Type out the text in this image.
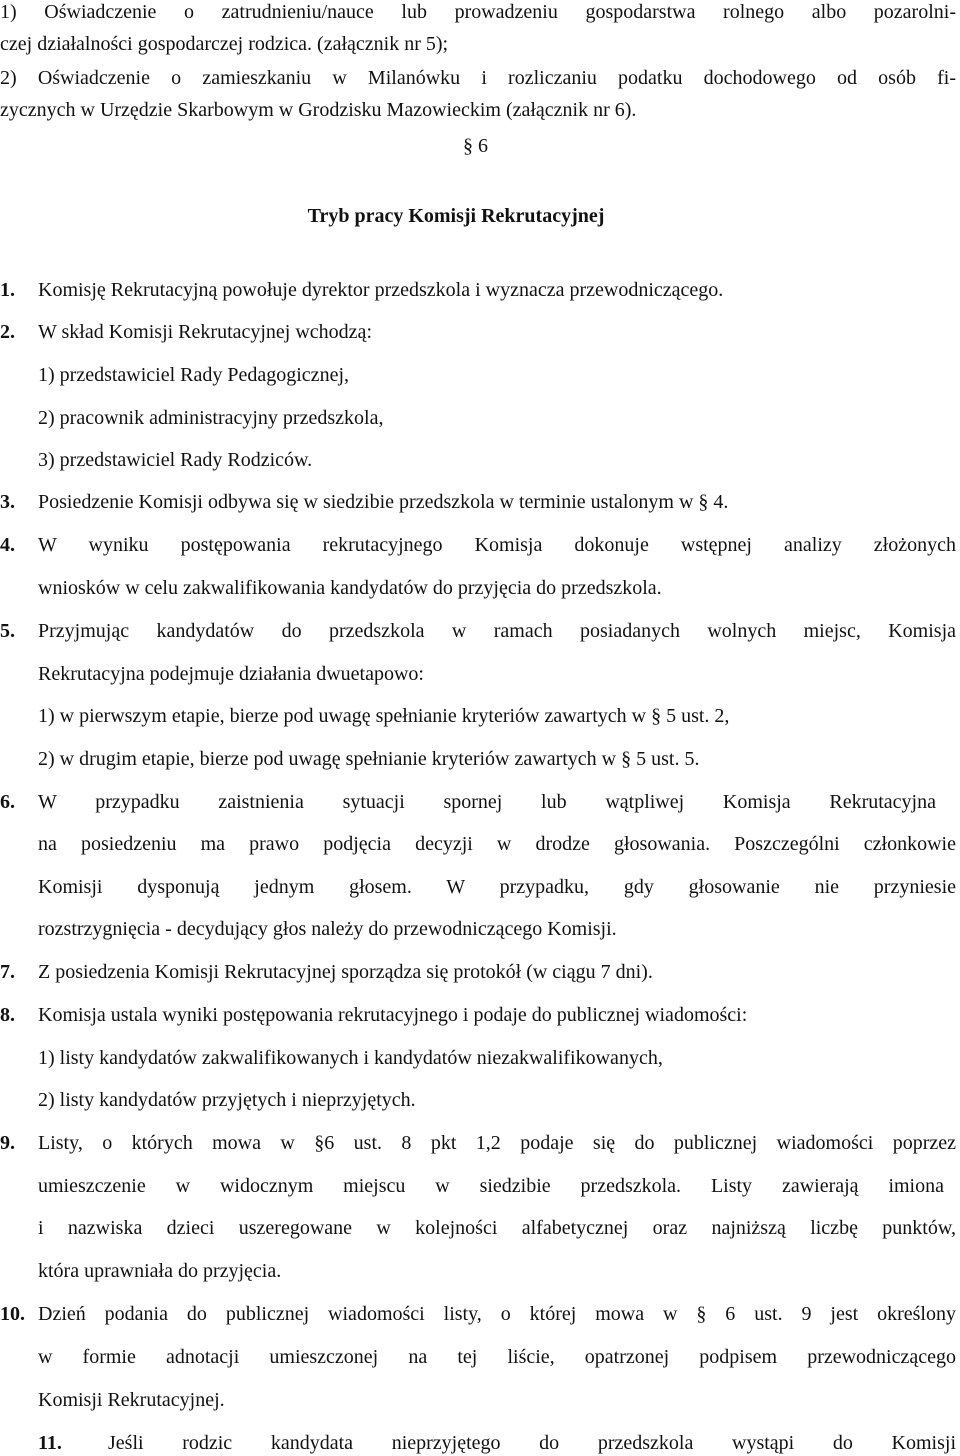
1) Oświadczenie o zatrudnieniu/nauce lub prowadzeniu gospodarstwa rolnego albo pozarolni-
czej działalności gospodarczej rodzica. (załącznik nr 5);
2) Oświadczenie o zamieszkaniu w Milanówku i rozliczaniu podatku dochodowego od osób fi-
zycznych w Urzędzie Skarbowym w Grodzisku Mazowieckim (załącznik nr 6).
§ 6
Tryb pracy Komisji Rekrutacyjnej
1. Komisję Rekrutacyjną powołuje dyrektor przedszkola i wyznacza przewodniczącego.
2. W skład Komisji Rekrutacyjnej wchodzą:
1) przedstawiciel Rady Pedagogicznej,
2) pracownik administracyjny przedszkola,
3) przedstawiciel Rady Rodziców.
3. Posiedzenie Komisji odbywa się w siedzibie przedszkola w terminie ustalonym w § 4.
4. W wyniku postępowania rekrutacyjnego Komisja dokonuje wstępnej analizy złożonych
wniosków w celu zakwalifikowania kandydatów do przyjęcia do przedszkola.
5. Przyjmując kandydatów do przedszkola w ramach posiadanych wolnych miejsc, Komisja
Rekrutacyjna podejmuje działania dwuetapowo:
1) w pierwszym etapie, bierze pod uwagę spełnianie kryteriów zawartych w § 5 ust. 2,
2) w drugim etapie, bierze pod uwagę spełnianie kryteriów zawartych w § 5 ust. 5.
6. W przypadku zaistnienia sytuacji spornej lub wątpliwej Komisja Rekrutacyjna
na posiedzeniu ma prawo podjęcia decyzji w drodze głosowania. Poszczególni członkowie
Komisji dysponują jednym głosem. W przypadku, gdy głosowanie nie przyniesie
rozstrzygnięcia - decydujący głos należy do przewodniczącego Komisji.
7. Z posiedzenia Komisji Rekrutacyjnej sporządza się protokół (w ciągu 7 dni).
8. Komisja ustala wyniki postępowania rekrutacyjnego i podaje do publicznej wiadomości:
1) listy kandydatów zakwalifikowanych i kandydatów niezakwalifikowanych,
2) listy kandydatów przyjętych i nieprzyjętych.
9. Listy, o których mowa w §6 ust. 8 pkt 1,2 podaje się do publicznej wiadomości poprzez
umieszczenie w widocznym miejscu w siedzibie przedszkola. Listy zawierają imiona
i nazwiska dzieci uszeregowane w kolejności alfabetycznej oraz najniższą liczbę punktów,
która uprawniała do przyjęcia.
10. Dzień podania do publicznej wiadomości listy, o której mowa w § 6 ust. 9 jest określony
w formie adnotacji umieszczonej na tej liście, opatrzonej podpisem przewodniczącego
Komisji Rekrutacyjnej.
11. Jeśli rodzic kandydata nieprzyjętego do przedszkola wystąpi do Komisji
